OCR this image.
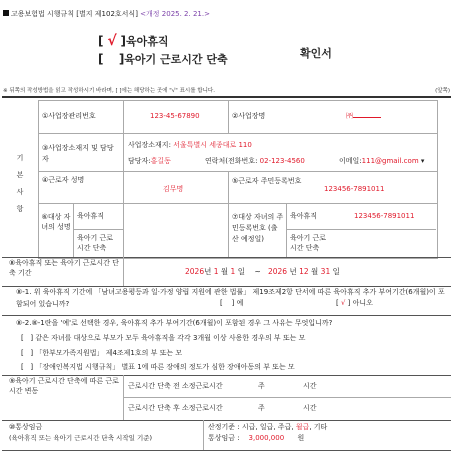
고용보험법 시행규칙 [별지 제102호서식] <개정 2025. 2. 21.>
[ √ ]육아휴직
[ ]육아기 근로시간 단축	확인서
※ 뒤쪽의 작성방법을 읽고 작성하시기 바라며, [ ]에는 해당하는 곳에 "√" 표시를 합니다.	(앞쪽)
기
본
사
항
①사업장관리번호	123-45-67890	②사업장명	㈜
③사업장소재지 및 담당자
사업장소재지: 서울특별시 세종대로 110
담당자:홍길동	연락처(전화번호: 02-123-4560	이메일:111@gmail.com ▾
④근로자 성명
김무명
⑤근로자 주민등록번호
123456-7891011
⑥대상 자녀의 성명
육아휴직
육아기 근로 시간 단축
⑦대상 자녀의 주민등록번호 (출산 예정일)
육아휴직	123456-7891011
육아기 근로 시간 단축
⑧육아휴직 또는 육아기 근로시간 단축 기간	2026년 1 월 1 일 ~ 2026 년 12 월 31 일
⑧-1. 위 육아휴직 기간에 「남녀고용평등과 일·가정 양립 지원에 관한 법률」 제19조제2항 단서에 따른 육아휴직 추가 부여기간(6개월)이 포함되어 있습니까?	[    ] 예	[ √ ] 아니오
⑧-2.⑧-1란을 '예'로 선택한 경우, 육아휴직 추가 부여기간(6개월)이 포함된 경우 그 사유는 무엇입니까?
[   ] 같은 자녀를 대상으로 부모가 모두 육아휴직을 각각 3개월 이상 사용한 경우의 부 또는 모
[   ] 「한부모가족지원법」 제4조제1호의 부 또는 모
[   ] 「장애인복지법 시행규칙」 별표 1에 따른 장애의 정도가 심한 장애아동의 부 또는 모
⑨육아기 근로시간 단축에 따른 근로시간 변동
근로시간 단축 전 소정근로시간	주	시간
근로시간 단축 후 소정근로시간	주	시간
⑩통상임금
(육아휴직 또는 육아기 근로시간 단축 시작일 기준)
산정기준 : 시급, 일급, 주급, 월급, 기타
통상임금 : 3,000,000 원
